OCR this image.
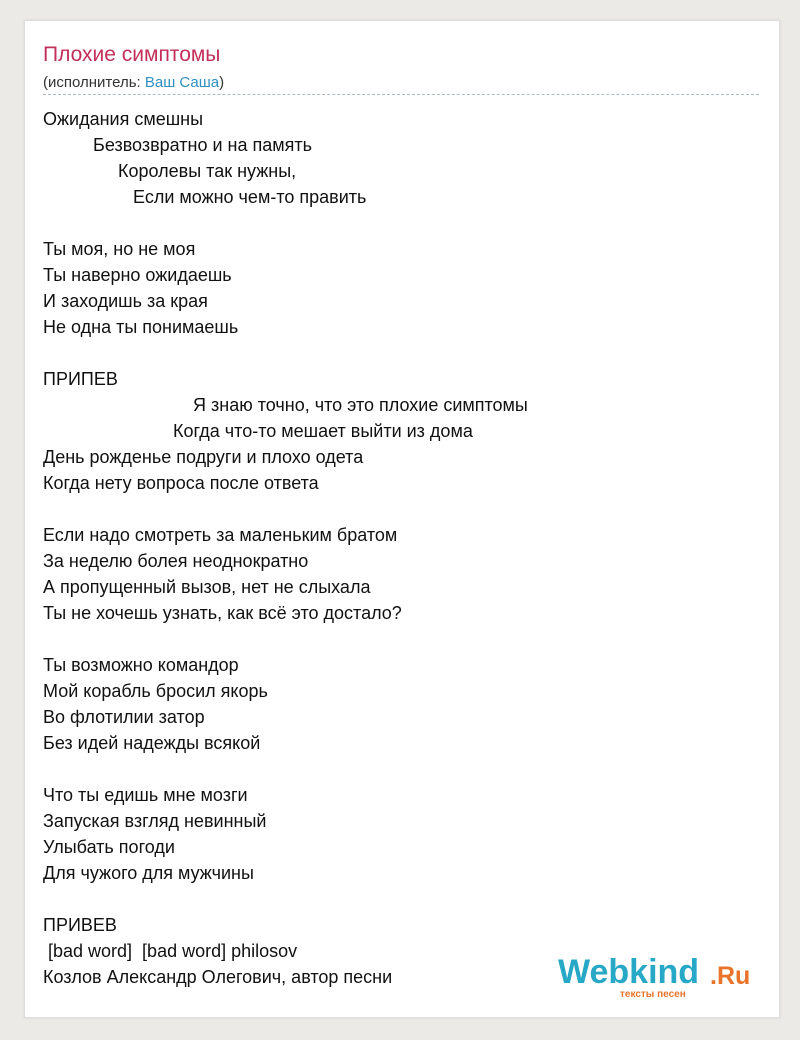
Плохие симптомы
(исполнитель: Ваш Саша)
Ожидания смешны
Безвозвратно и на память
Королевы так нужны,
Если можно чем-то править
Ты моя, но не моя
Ты наверно ожидаешь
И заходишь за края
Не одна ты понимаешь
ПРИПЕВ
Я знаю точно, что это плохие симптомы
Когда что-то мешает выйти из дома
День рожденье подруги и плохо одета
Когда нету вопроса после ответа
Если надо смотреть за маленьким братом
За неделю болея неоднократно
А пропущенный вызов, нет не слыхала
Ты не хочешь узнать, как всё это достало?
Ты возможно командор
Мой корабль бросил якорь
Во флотилии затор
Без идей надежды всякой
Что ты едишь мне мозги
Запуская взгляд невинный
Улыбать погоди
Для чужого для мужчины
ПРИВЕВ
[bad word]  [bad word] philosov
Козлов Александр Олегович, автор песни	Webkind .Ru
тексты песен
